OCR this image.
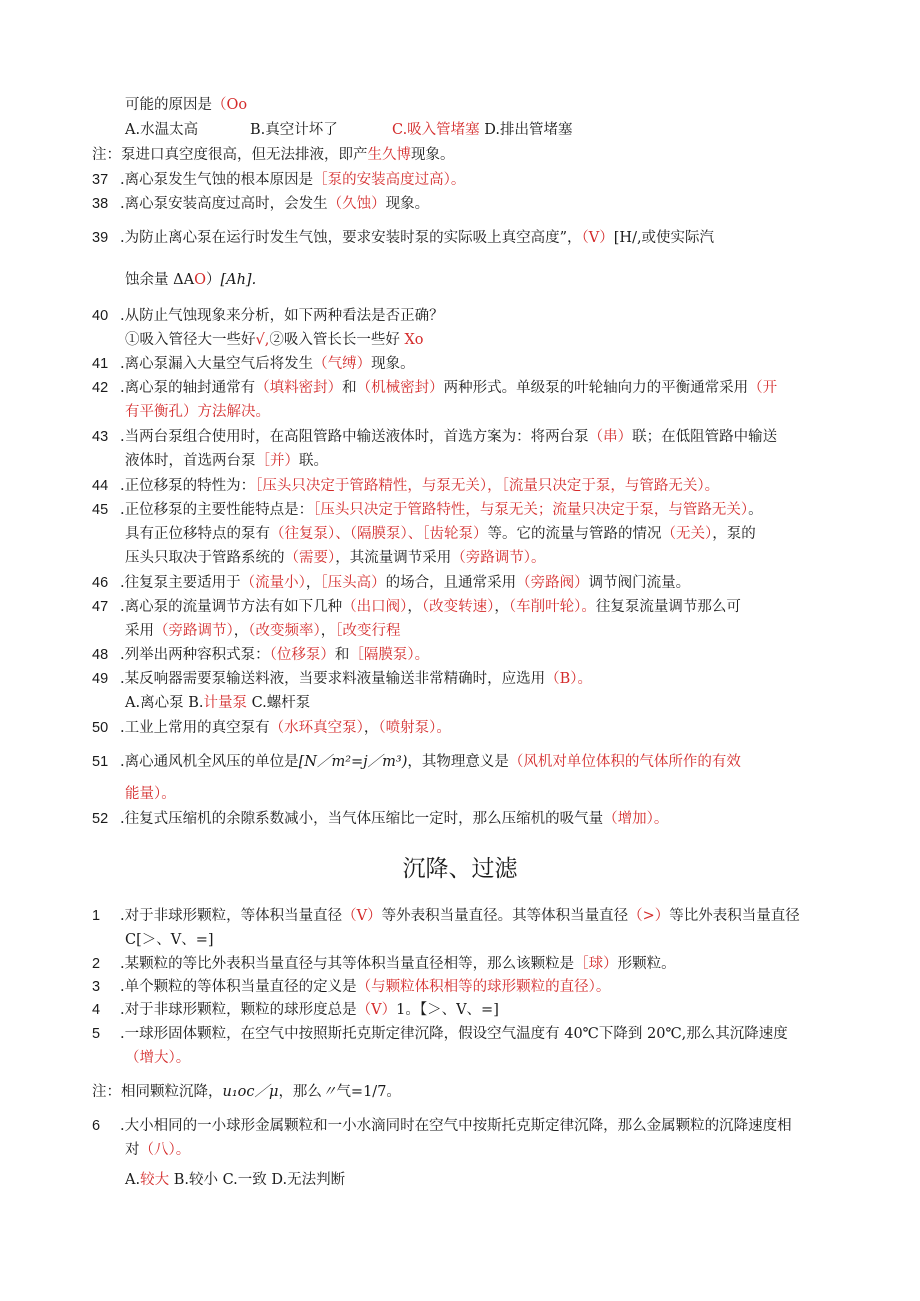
可能的原因是（Oo
A.水温太高	B.真空计坏了	C.吸入管堵塞 D.排出管堵塞
注：泵进口真空度很高，但无法排液，即产生久博现象。
37 .离心泵发生气蚀的根本原因是［泵的安装高度过高）。
38 .离心泵安装高度过高时，会发生（久蚀）现象。
39 .为防止离心泵在运行时发生气蚀，要求安装时泵的实际吸上真空高度”，（V）[H/,或使实际汽
蚀余量 ΔAO）[Ah].
40 .从防止气蚀现象来分析，如下两种看法是否正确？
①吸入管径大一些好√,②吸入管长长一些好 Xo
41 .离心泵漏入大量空气后将发生（气缚）现象。
42 .离心泵的轴封通常有（填料密封）和（机械密封）两种形式。单级泵的叶轮轴向力的平衡通常采用（开
有平衡孔）方法解决。
43 .当两台泵组合使用时，在高阻管路中输送液体时，首选方案为：将两台泵（串）联；在低阻管路中输送
液体时，首选两台泵［并）联。
44 .正位移泵的特性为：［压头只决定于管路精性，与泵无关），［流量只决定于泵，与管路无关）。
45 .正位移泵的主要性能特点是：［压头只决定于管路特性，与泵无关；流量只决定于泵，与管路无关）。
具有正位移特点的泵有（往复泵）、（隔膜泵）、［齿轮泵）等。它的流量与管路的情况（无关），泵的
压头只取决于管路系统的（需要），其流量调节采用（旁路调节）。
46 .往复泵主要适用于（流量小），［压头高）的场合，且通常采用（旁路阀）调节阀门流量。
47 .离心泵的流量调节方法有如下几种（出口阀），（改变转速），（车削叶轮）。往复泵流量调节那么可
采用（旁路调节），（改变频率），［改变行程
48 .列举出两种容积式泵：（位移泵）和［隔膜泵）。
49 .某反响器需要泵输送料液，当要求料液量输送非常精确时，应选用（B）。
A.离心泵 B.计量泵 C.螺杆泵
50 .工业上常用的真空泵有（水环真空泵），（喷射泵）。
51 .离心通风机全风压的单位是[N／m²=j／m³)，其物理意义是（风机对单位体积的气体所作的有效
能量）。
52 .往复式压缩机的余隙系数减小，当气体压缩比一定时，那么压缩机的吸气量（增加）。
沉降、过滤
1 .对于非球形颗粒，等体积当量直径（V）等外表积当量直径。其等体积当量直径（>）等比外表积当量直径
C[＞、V、=]
2 .某颗粒的等比外表积当量直径与其等体积当量直径相等，那么该颗粒是［球）形颗粒。
3 .单个颗粒的等体积当量直径的定义是（与颗粒体积相等的球形颗粒的直径）。
4 .对于非球形颗粒，颗粒的球形度总是（V）1。【＞、V、=]
5 .一球形固体颗粒，在空气中按照斯托克斯定律沉降，假设空气温度有 40℃下降到 20℃,那么其沉降速度
（增大）。
注：相同颗粒沉降，u₁oc／μ，那么〃气=1/7。
6 .大小相同的一小球形金属颗粒和一小水滴同时在空气中按斯托克斯定律沉降，那么金属颗粒的沉降速度相
对（八）。
A.较大 B.较小 C.一致 D.无法判断
